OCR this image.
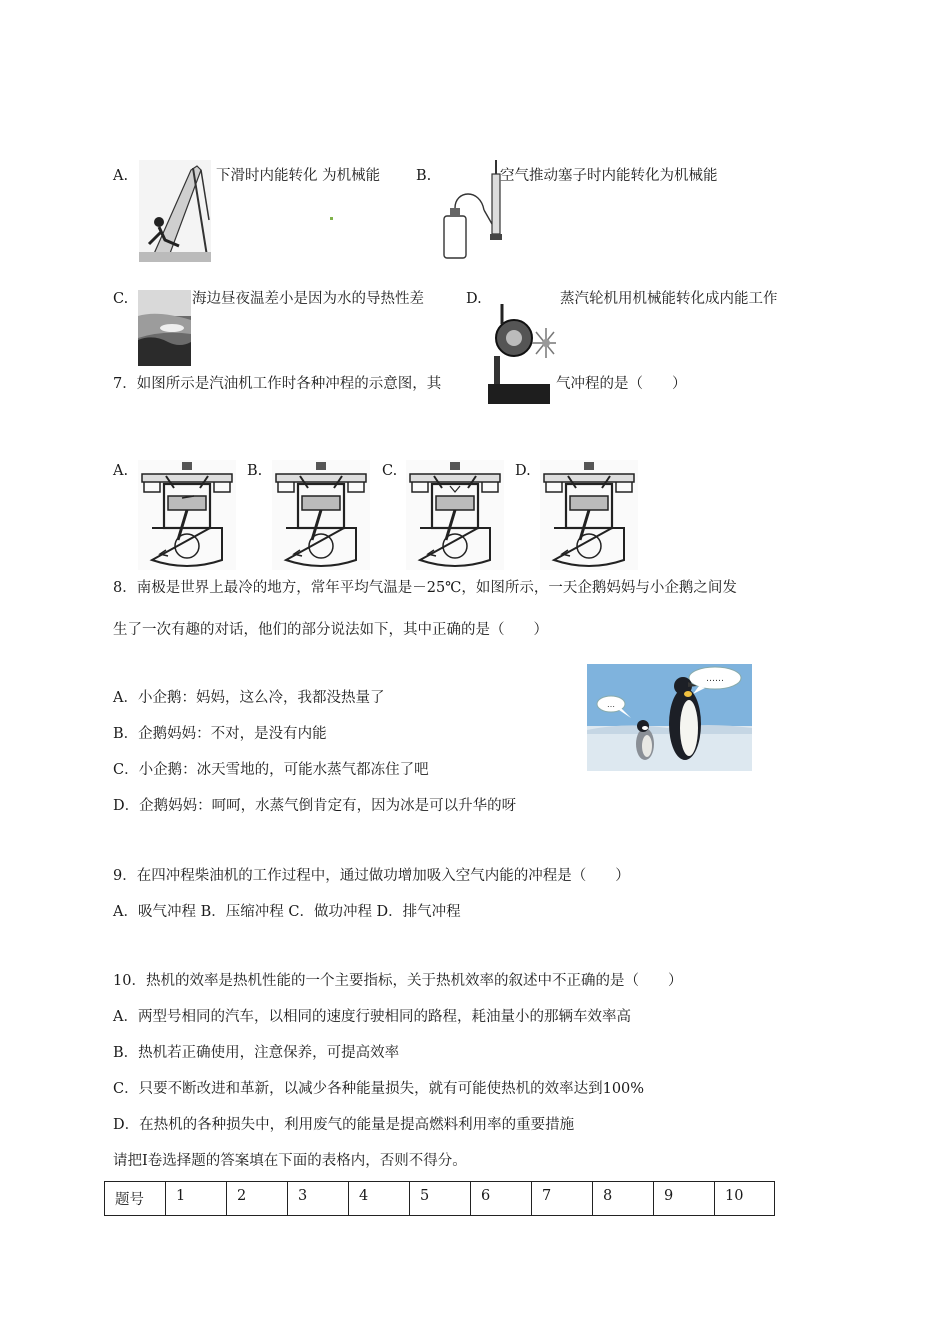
A.	下滑时内能转化 为机械能 B.	空气推动塞子时内能转化为机械能
C.	海边昼夜温差小是因为水的导热性差	D.	蒸汽轮机用机械能转化成内能工作
7．如图所示是汽油机工作时各种冲程的示意图，其	气冲程的是（　　）
A.	B.	C.	D.
8．南极是世界上最冷的地方，常年平均气温是－25℃，如图所示，一天企鹅妈妈与小企鹅之间发
生了一次有趣的对话，他们的部分说法如下，其中正确的是（　　）
A．小企鹅：妈妈，这么冷，我都没热量了
B．企鹅妈妈：不对，是没有内能
C．小企鹅：冰天雪地的，可能水蒸气都冻住了吧
D．企鹅妈妈：呵呵，水蒸气倒肯定有，因为冰是可以升华的呀
……
…
9．在四冲程柴油机的工作过程中，通过做功增加吸入空气内能的冲程是（　　）
A．吸气冲程 B．压缩冲程 C．做功冲程 D．排气冲程
10．热机的效率是热机性能的一个主要指标，关于热机效率的叙述中不正确的是（　　）
A．两型号相同的汽车，以相同的速度行驶相同的路程，耗油量小的那辆车效率高
B．热机若正确使用，注意保养，可提高效率
C．只要不断改进和革新，以减少各种能量损失，就有可能使热机的效率达到100%
D．在热机的各种损失中，利用废气的能量是提高燃料利用率的重要措施
请把Ⅰ卷选择题的答案填在下面的表格内，否则不得分。
题号	1	2	3	4	5	6	7	8	9	10
